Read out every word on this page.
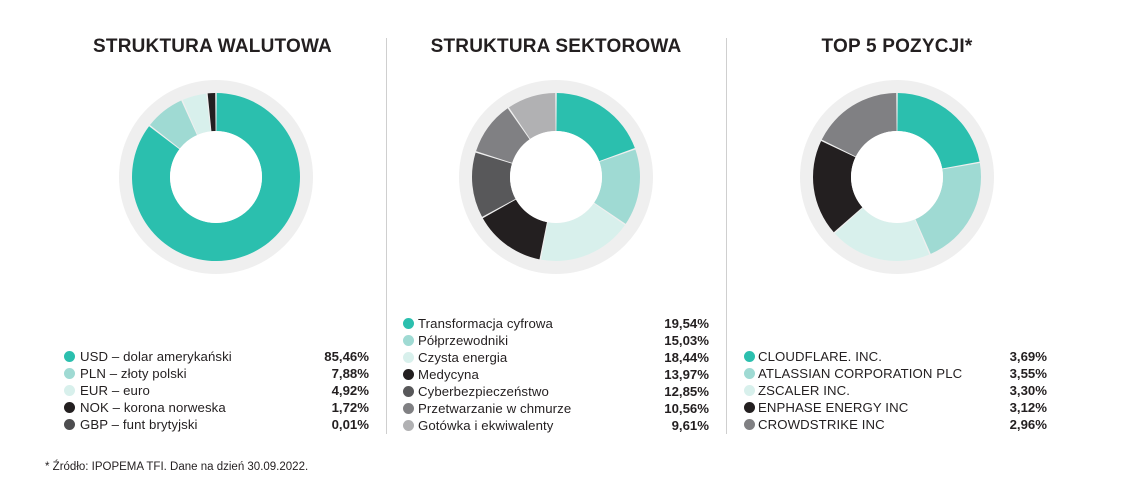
STRUKTURA WALUTOWA
USD – dolar amerykański	85,46%
PLN – złoty polski	7,88%
EUR – euro	4,92%
NOK – korona norweska	1,72%
GBP – funt brytyjski	0,01%
STRUKTURA SEKTOROWA
Transformacja cyfrowa	19,54%
Półprzewodniki	15,03%
Czysta energia	18,44%
Medycyna	13,97%
Cyberbezpieczeństwo	12,85%
Przetwarzanie w chmurze	10,56%
Gotówka i ekwiwalenty	9,61%
TOP 5 POZYCJI*
CLOUDFLARE. INC.	3,69%
ATLASSIAN CORPORATION PLC	3,55%
ZSCALER INC.	3,30%
ENPHASE ENERGY INC	3,12%
CROWDSTRIKE INC	2,96%
* Źródło: IPOPEMA TFI. Dane na dzień 30.09.2022.
